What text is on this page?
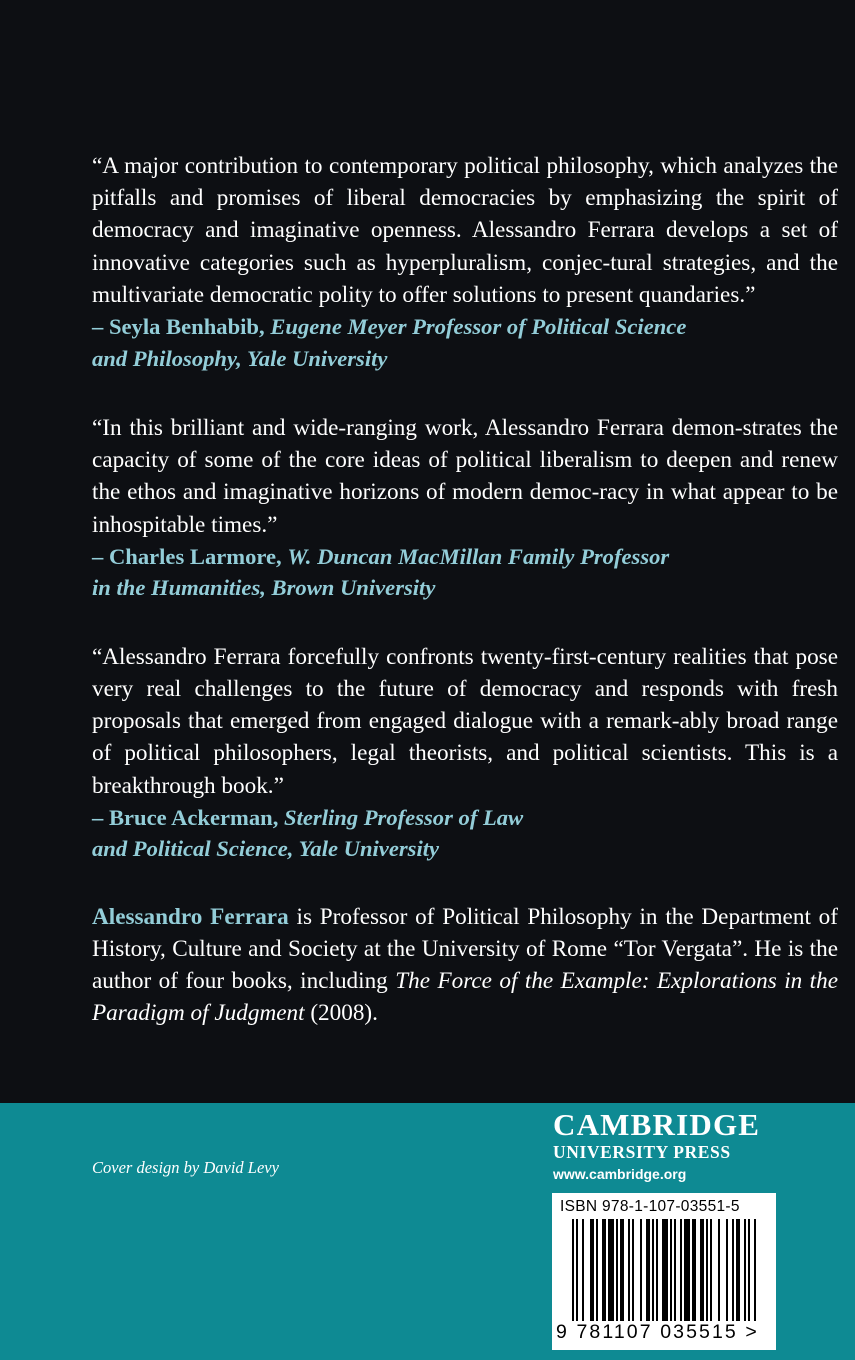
“A major contribution to contemporary political philosophy, which analyzes the pitfalls and promises of liberal democracies by emphasizing the spirit of democracy and imaginative openness. Alessandro Ferrara develops a set of innovative categories such as hyperpluralism, conjec-tural strategies, and the multivariate democratic polity to offer solutions to present quandaries.”

– Seyla Benhabib, Eugene Meyer Professor of Political Science
and Philosophy, Yale University

“In this brilliant and wide-ranging work, Alessandro Ferrara demon-strates the capacity of some of the core ideas of political liberalism to deepen and renew the ethos and imaginative horizons of modern democ-racy in what appear to be inhospitable times.”

– Charles Larmore, W. Duncan MacMillan Family Professor
in the Humanities, Brown University

“Alessandro Ferrara forcefully confronts twenty-first-century realities that pose very real challenges to the future of democracy and responds with fresh proposals that emerged from engaged dialogue with a remark-ably broad range of political philosophers, legal theorists, and political scientists. This is a breakthrough book.”

– Bruce Ackerman, Sterling Professor of Law
and Political Science, Yale University

Alessandro Ferrara is Professor of Political Philosophy in the Department of History, Culture and Society at the University of Rome “Tor Vergata”. He is the author of four books, including The Force of the Example: Explorations in the Paradigm of Judgment (2008).

Cover design by David Levy
CAMBRIDGE
UNIVERSITY PRESS
www.cambridge.org
ISBN 978-1-107-03551-5
9 781107 035515 >
